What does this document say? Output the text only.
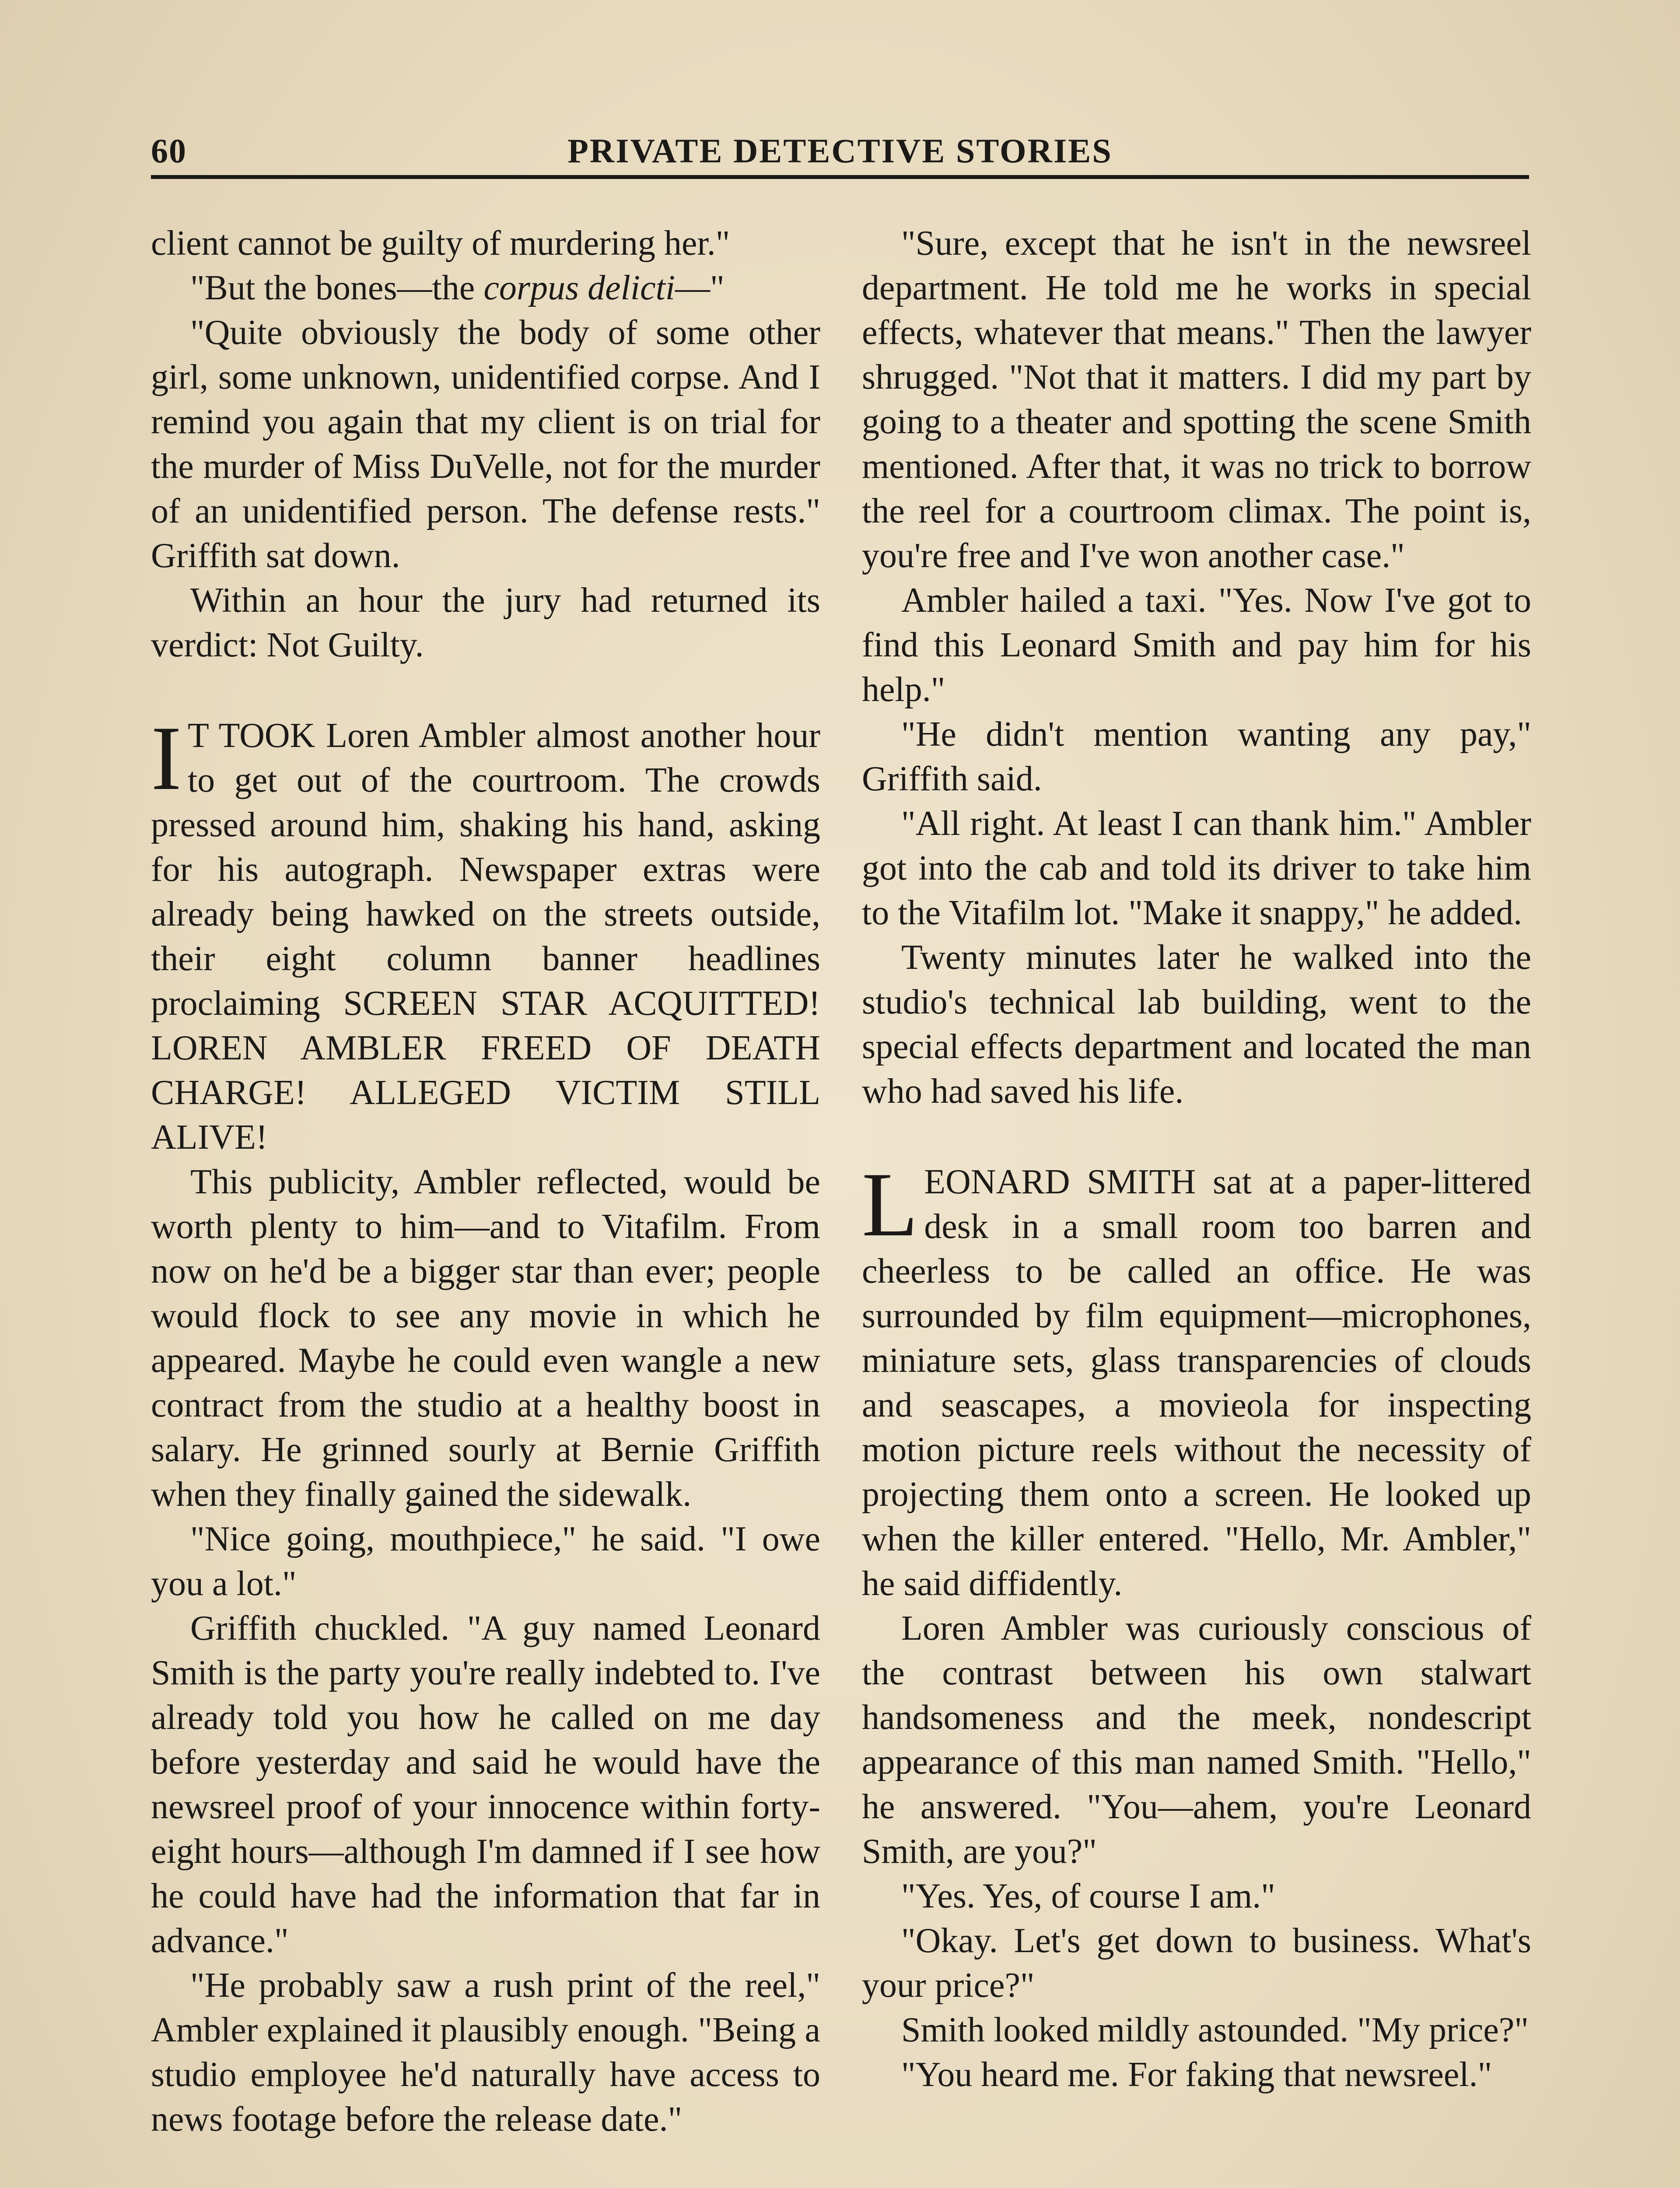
60	PRIVATE DETECTIVE STORIES

client cannot be guilty of murdering her."

"But the bones—the corpus delicti—"

"Quite obviously the body of some other girl, some unknown, unidentified corpse. And I remind you again that my client is on trial for the murder of Miss DuVelle, not for the murder of an unidentified person. The defense rests." Griffith sat down.

Within an hour the jury had returned its verdict: Not Guilty.

I T TOOK Loren Ambler almost another hour to get out of the courtroom. The crowds pressed around him, shaking his hand, asking for his autograph. Newspaper extras were already being hawked on the streets outside, their eight column banner headlines proclaiming SCREEN STAR ACQUITTED! LOREN AMBLER FREED OF DEATH CHARGE! ALLEGED VICTIM STILL ALIVE!

This publicity, Ambler reflected, would be worth plenty to him—and to Vitafilm. From now on he'd be a bigger star than ever; people would flock to see any movie in which he appeared. Maybe he could even wangle a new contract from the studio at a healthy boost in salary. He grinned sourly at Bernie Griffith when they finally gained the sidewalk.

"Nice going, mouthpiece," he said. "I owe you a lot."

Griffith chuckled. "A guy named Leonard Smith is the party you're really indebted to. I've already told you how he called on me day before yesterday and said he would have the newsreel proof of your innocence within forty-eight hours—although I'm damned if I see how he could have had the information that far in advance."

"He probably saw a rush print of the reel," Ambler explained it plausibly enough. "Being a studio employee he'd naturally have access to news footage before the release date."

"Sure, except that he isn't in the newsreel department. He told me he works in special effects, whatever that means." Then the lawyer shrugged. "Not that it matters. I did my part by going to a theater and spotting the scene Smith mentioned. After that, it was no trick to borrow the reel for a courtroom climax. The point is, you're free and I've won another case."

Ambler hailed a taxi. "Yes. Now I've got to find this Leonard Smith and pay him for his help."

"He didn't mention wanting any pay," Griffith said.

"All right. At least I can thank him." Ambler got into the cab and told its driver to take him to the Vitafilm lot. "Make it snappy," he added.

Twenty minutes later he walked into the studio's technical lab building, went to the special effects department and located the man who had saved his life.

LEONARD SMITH sat at a paper-littered desk in a small room too barren and cheerless to be called an office. He was surrounded by film equipment—microphones, miniature sets, glass transparencies of clouds and seascapes, a movieola for inspecting motion picture reels without the necessity of projecting them onto a screen. He looked up when the killer entered. "Hello, Mr. Ambler," he said diffidently.

Loren Ambler was curiously conscious of the contrast between his own stalwart handsomeness and the meek, nondescript appearance of this man named Smith. "Hello," he answered. "You—ahem, you're Leonard Smith, are you?"

"Yes. Yes, of course I am."

"Okay. Let's get down to business. What's your price?"

Smith looked mildly astounded. "My price?"

"You heard me. For faking that newsreel."
